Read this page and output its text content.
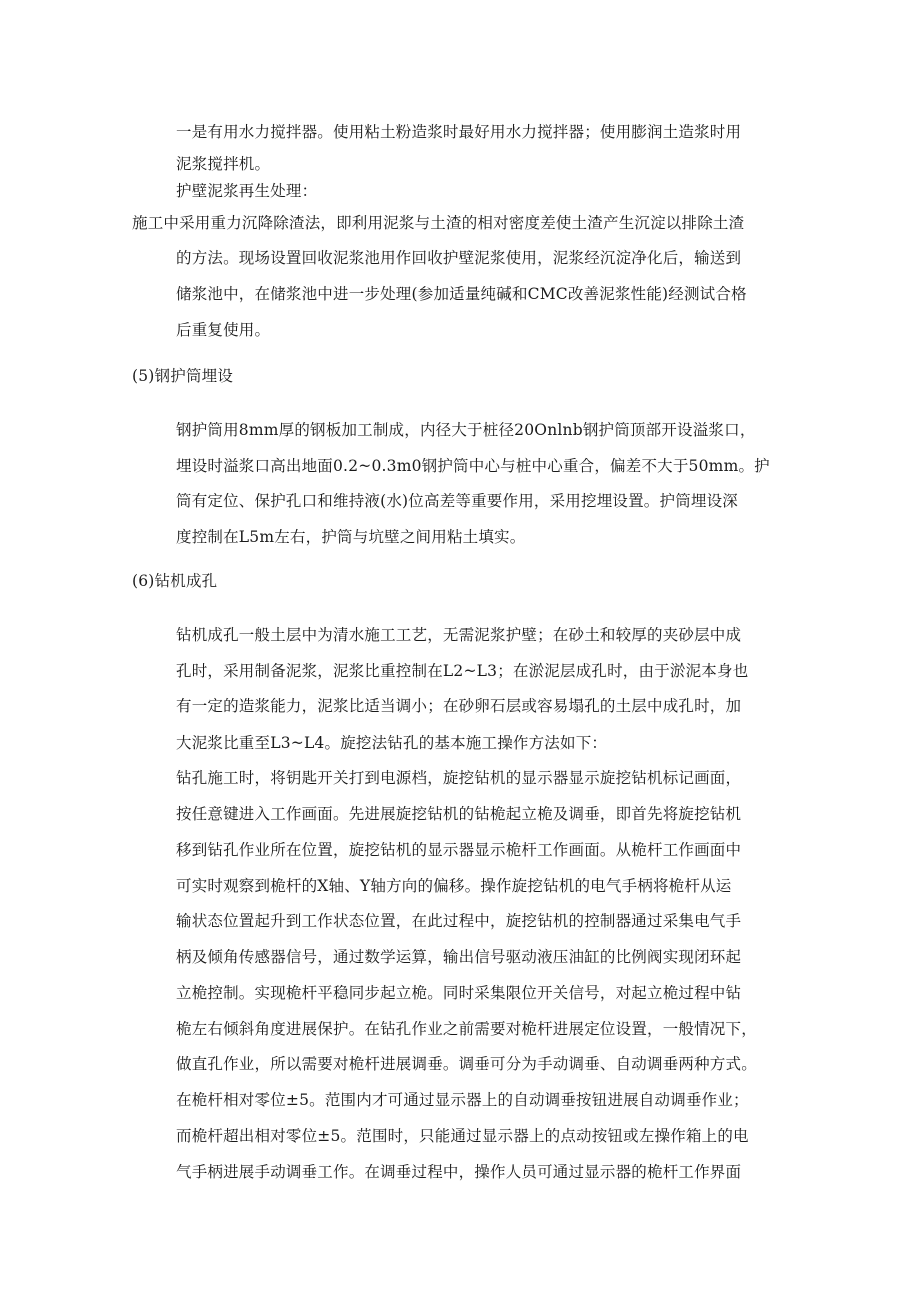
一是有用水力搅拌器。使用粘土粉造浆时最好用水力搅拌器；使用膨润土造浆时用
泥浆搅拌机。
护壁泥浆再生处理：
施工中采用重力沉降除渣法，即利用泥浆与土渣的相对密度差使土渣产生沉淀以排除土渣
的方法。现场设置回收泥浆池用作回收护壁泥浆使用，泥浆经沉淀净化后，输送到
储浆池中，在储浆池中进一步处理(参加适量纯碱和CMC改善泥浆性能)经测试合格
后重复使用。
(5)钢护筒埋设
钢护筒用8mm厚的钢板加工制成，内径大于桩径20Onlnb钢护筒顶部开设溢浆口，
埋设时溢浆口高出地面0.2~0.3m0钢护筒中心与桩中心重合，偏差不大于50mm。护
筒有定位、保护孔口和维持液(水)位高差等重要作用，采用挖埋设置。护筒埋设深
度控制在L5m左右，护筒与坑壁之间用粘土填实。
(6)钻机成孔
钻机成孔一般土层中为清水施工工艺，无需泥浆护壁；在砂土和较厚的夹砂层中成
孔时，采用制备泥浆，泥浆比重控制在L2~L3；在淤泥层成孔时，由于淤泥本身也
有一定的造浆能力，泥浆比适当调小；在砂卵石层或容易塌孔的土层中成孔时，加
大泥浆比重至L3~L4。旋挖法钻孔的基本施工操作方法如下：
钻孔施工时，将钥匙开关打到电源档，旋挖钻机的显示器显示旋挖钻机标记画面，
按任意键进入工作画面。先进展旋挖钻机的钻桅起立桅及调垂，即首先将旋挖钻机
移到钻孔作业所在位置，旋挖钻机的显示器显示桅杆工作画面。从桅杆工作画面中
可实时观察到桅杆的X轴、Y轴方向的偏移。操作旋挖钻机的电气手柄将桅杆从运
输状态位置起升到工作状态位置，在此过程中，旋挖钻机的控制器通过采集电气手
柄及倾角传感器信号，通过数学运算，输出信号驱动液压油缸的比例阀实现闭环起
立桅控制。实现桅杆平稳同步起立桅。同时采集限位开关信号，对起立桅过程中钻
桅左右倾斜角度进展保护。在钻孔作业之前需要对桅杆进展定位设置，一般情况下，
做直孔作业，所以需要对桅杆进展调垂。调垂可分为手动调垂、自动调垂两种方式。
在桅杆相对零位±5。范围内才可通过显示器上的自动调垂按钮进展自动调垂作业；
而桅杆超出相对零位±5。范围时，只能通过显示器上的点动按钮或左操作箱上的电
气手柄进展手动调垂工作。在调垂过程中，操作人员可通过显示器的桅杆工作界面
